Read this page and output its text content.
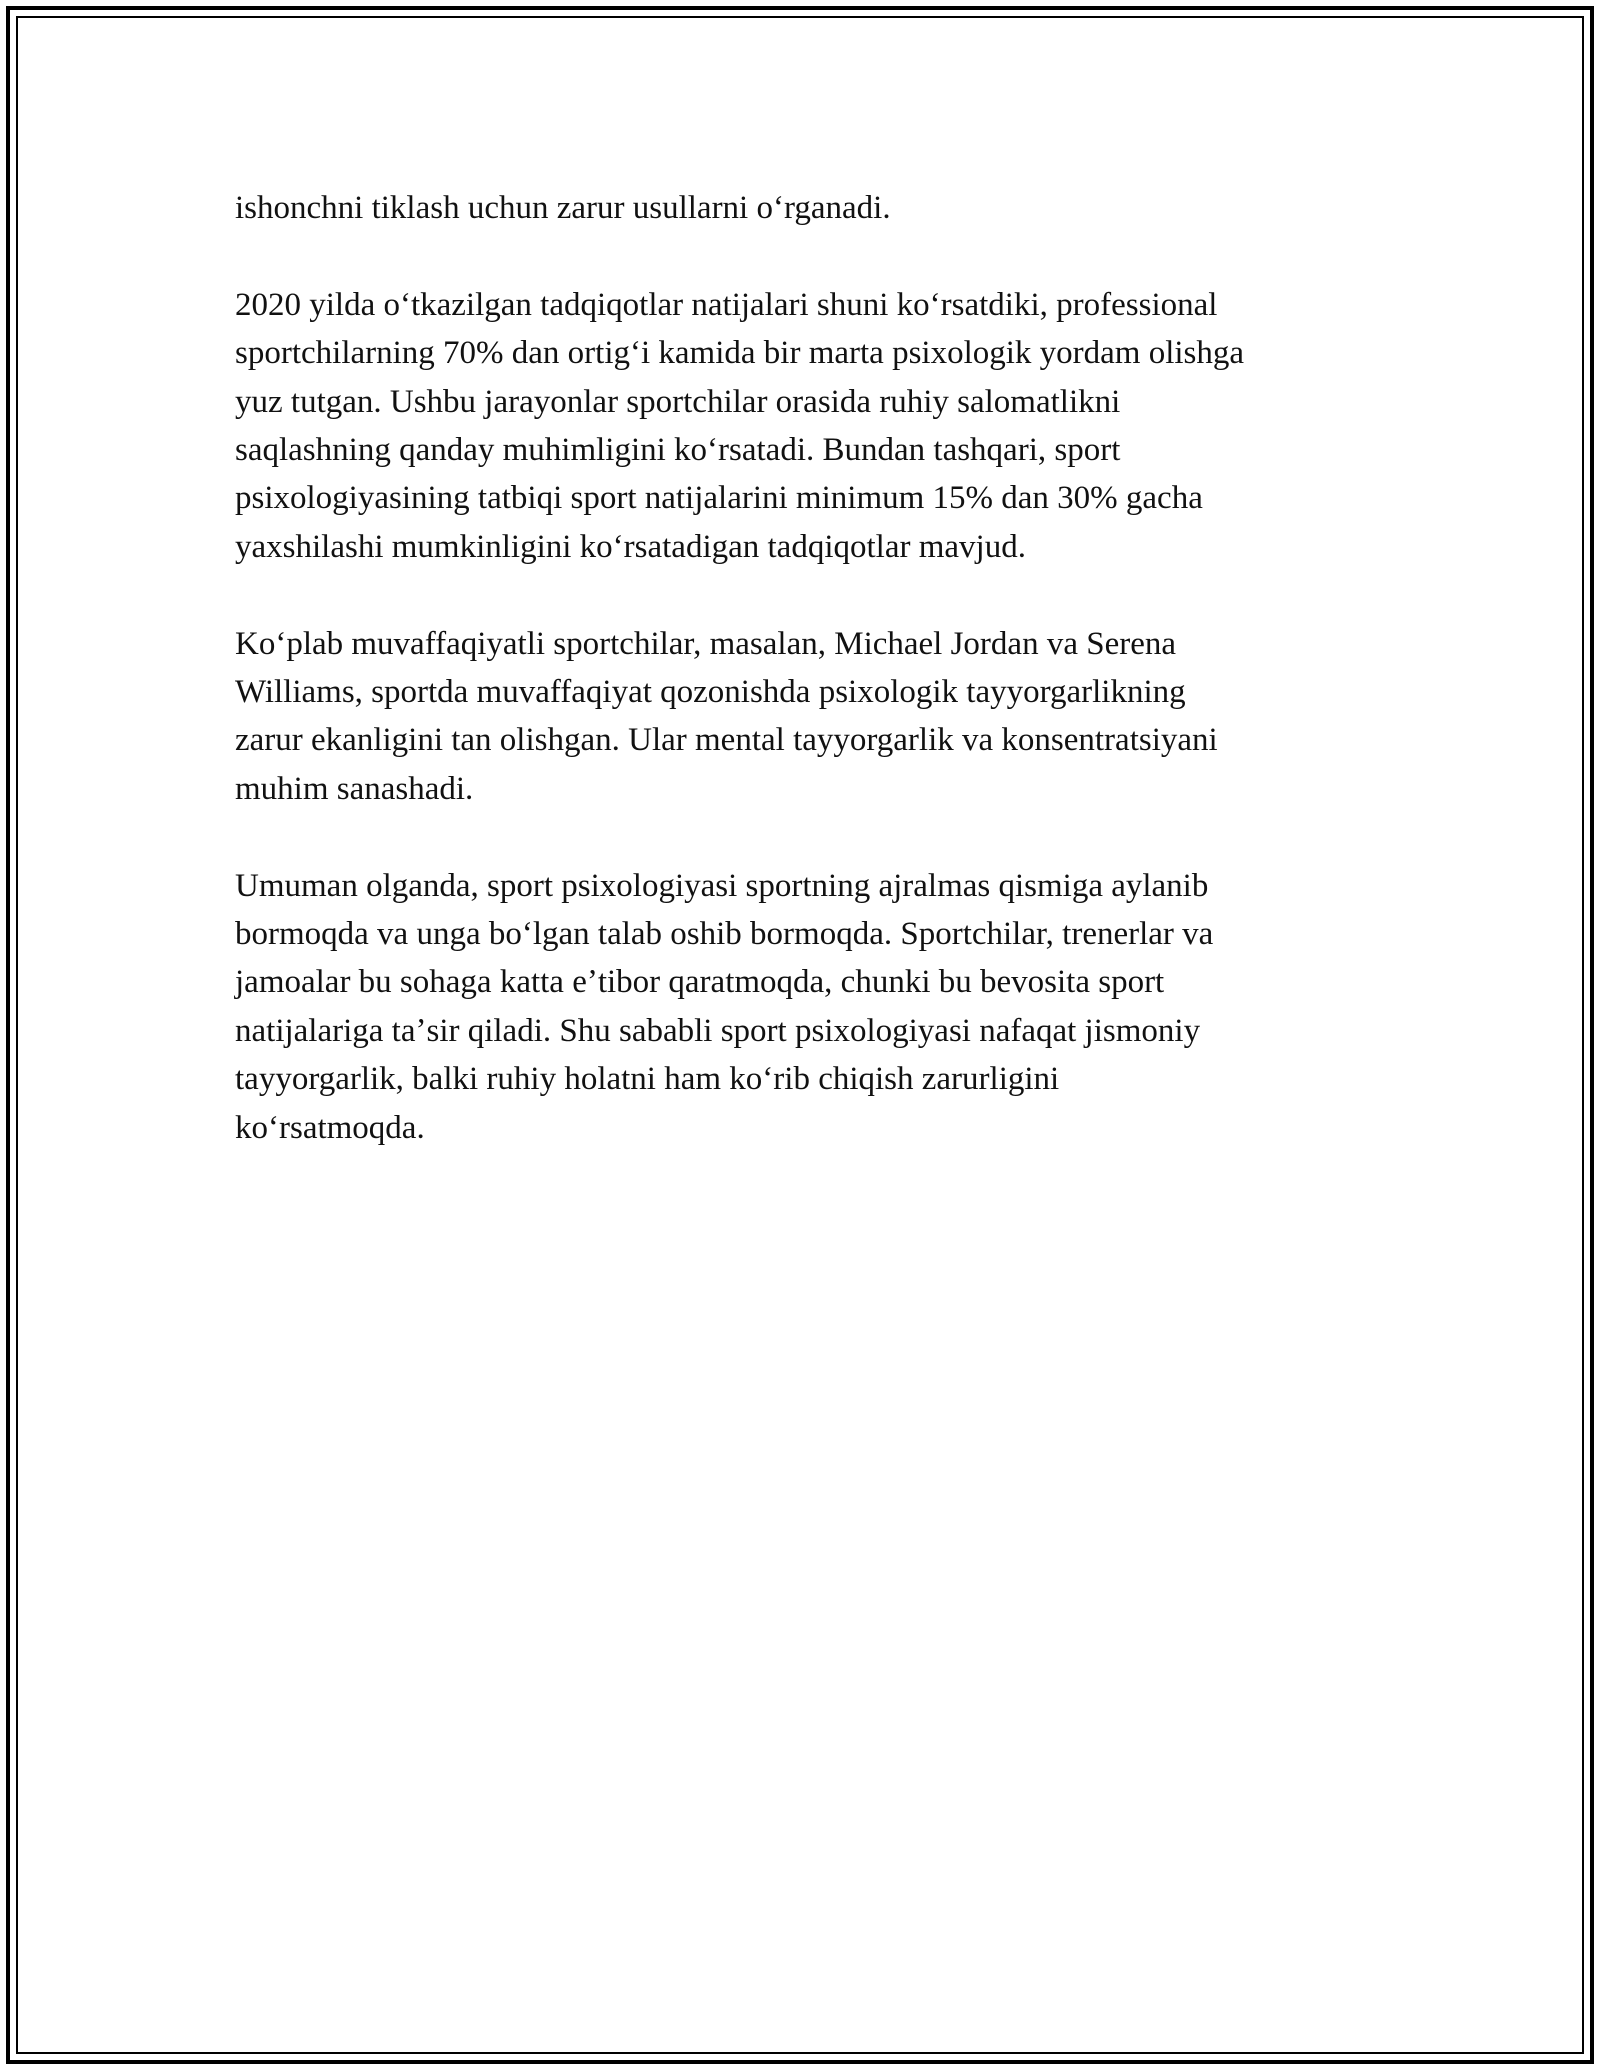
ishonchni tiklash uchun zarur usullarni oʻrganadi.

2020 yilda oʻtkazilgan tadqiqotlar natijalari shuni koʻrsatdiki, professional
sportchilarning 70% dan ortigʻi kamida bir marta psixologik yordam olishga
yuz tutgan. Ushbu jarayonlar sportchilar orasida ruhiy salomatlikni
saqlashning qanday muhimligini koʻrsatadi. Bundan tashqari, sport
psixologiyasining tatbiqi sport natijalarini minimum 15% dan 30% gacha
yaxshilashi mumkinligini koʻrsatadigan tadqiqotlar mavjud.

Koʻplab muvaffaqiyatli sportchilar, masalan, Michael Jordan va Serena
Williams, sportda muvaffaqiyat qozonishda psixologik tayyorgarlikning
zarur ekanligini tan olishgan. Ular mental tayyorgarlik va konsentratsiyani
muhim sanashadi.

Umuman olganda, sport psixologiyasi sportning ajralmas qismiga aylanib
bormoqda va unga boʻlgan talab oshib bormoqda. Sportchilar, trenerlar va
jamoalar bu sohaga katta eʼtibor qaratmoqda, chunki bu bevosita sport
natijalariga taʼsir qiladi. Shu sababli sport psixologiyasi nafaqat jismoniy
tayyorgarlik, balki ruhiy holatni ham koʻrib chiqish zarurligini
koʻrsatmoqda.
